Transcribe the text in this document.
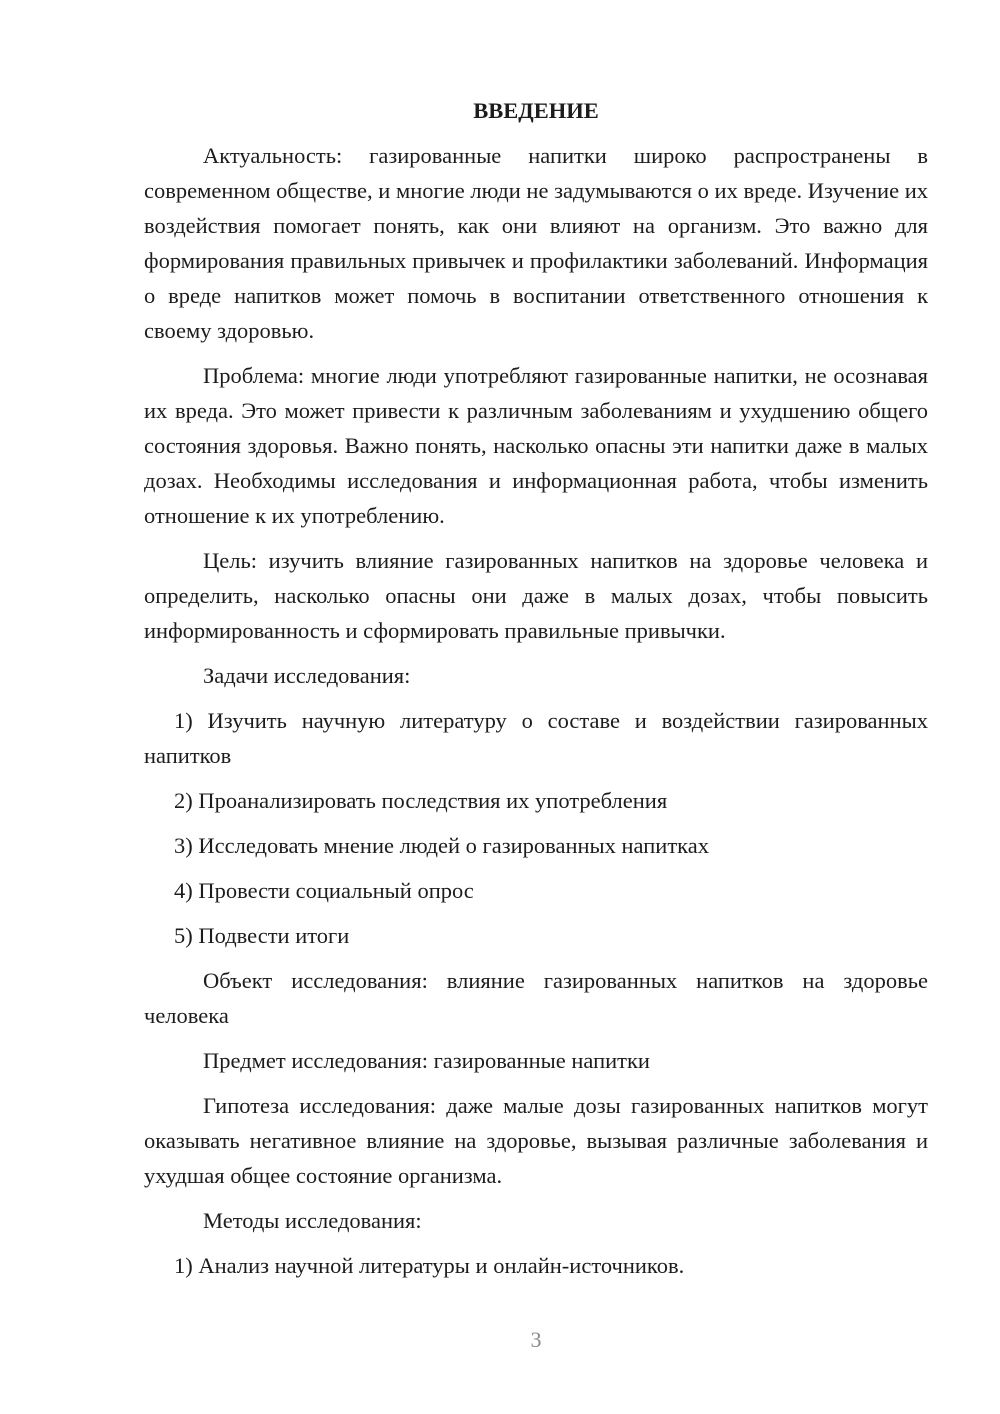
ВВЕДЕНИЕ

Актуальность: газированные напитки широко распространены в современном обществе, и многие люди не задумываются о их вреде. Изучение их воздействия помогает понять, как они влияют на организм. Это важно для формирования правильных привычек и профилактики заболеваний. Информация о вреде напитков может помочь в воспитании ответственного отношения к своему здоровью.

Проблема: многие люди употребляют газированные напитки, не осознавая их вреда. Это может привести к различным заболеваниям и ухудшению общего состояния здоровья. Важно понять, насколько опасны эти напитки даже в малых дозах. Необходимы исследования и информационная работа, чтобы изменить отношение к их употреблению.

Цель: изучить влияние газированных напитков на здоровье человека и определить, насколько опасны они даже в малых дозах, чтобы повысить информированность и сформировать правильные привычки.

Задачи исследования:

1) Изучить научную литературу о составе и воздействии газированных напитков

2) Проанализировать последствия их употребления

3) Исследовать мнение людей о газированных напитках

4) Провести социальный опрос

5) Подвести итоги

Объект исследования: влияние газированных напитков на здоровье человека

Предмет исследования: газированные напитки

Гипотеза исследования: даже малые дозы газированных напитков могут оказывать негативное влияние на здоровье, вызывая различные заболевания и ухудшая общее состояние организма.

Методы исследования:

1) Анализ научной литературы и онлайн-источников.

3
